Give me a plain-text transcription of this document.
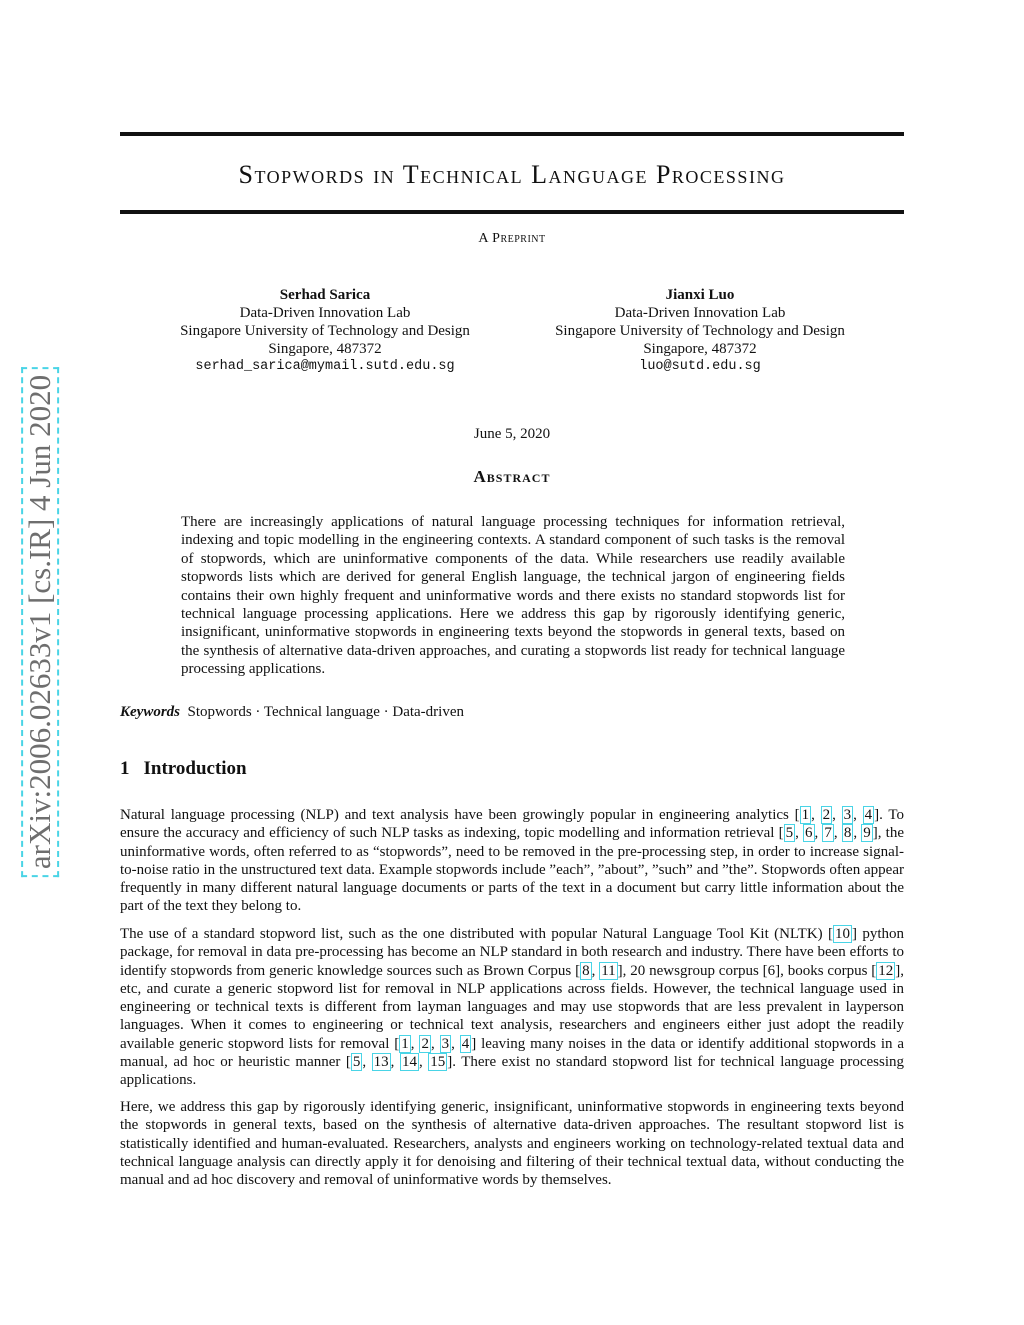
arXiv:2006.02633v1 [cs.IR] 4 Jun 2020
Stopwords in Technical Language Processing
A Preprint
Serhad Sarica
Data-Driven Innovation Lab
Singapore University of Technology and Design
Singapore, 487372
serhad_sarica@mymail.sutd.edu.sg
Jianxi Luo
Data-Driven Innovation Lab
Singapore University of Technology and Design
Singapore, 487372
luo@sutd.edu.sg
June 5, 2020
Abstract

There are increasingly applications of natural language processing techniques for information retrieval, indexing and topic modelling in the engineering contexts. A standard component of such tasks is the removal of stopwords, which are uninformative components of the data. While researchers use readily available stopwords lists which are derived for general English language, the technical jargon of engineering fields contains their own highly frequent and uninformative words and there exists no standard stopwords list for technical language processing applications. Here we address this gap by rigorously identifying generic, insignificant, uninformative stopwords in engineering texts beyond the stopwords in general texts, based on the synthesis of alternative data-driven approaches, and curating a stopwords list ready for technical language processing applications.

Keywords Stopwords · Technical language · Data-driven
1 Introduction

Natural language processing (NLP) and text analysis have been growingly popular in engineering analytics [ 1 , 2 , 3 , 4 ]. To ensure the accuracy and efficiency of such NLP tasks as indexing, topic modelling and information retrieval [ 5 , 6 , 7 , 8 , 9 ], the uninformative words, often referred to as “stopwords”, need to be removed in the pre-processing step, in order to increase signal-to-noise ratio in the unstructured text data. Example stopwords include ”each”, ”about”, ”such” and ”the”. Stopwords often appear frequently in many different natural language documents or parts of the text in a document but carry little information about the part of the text they belong to.

The use of a standard stopword list, such as the one distributed with popular Natural Language Tool Kit (NLTK) [ 10 ] python package, for removal in data pre-processing has become an NLP standard in both research and industry. There have been efforts to identify stopwords from generic knowledge sources such as Brown Corpus [ 8 , 11 ], 20 newsgroup corpus [6], books corpus [ 12 ], etc, and curate a generic stopword list for removal in NLP applications across fields. However, the technical language used in engineering or technical texts is different from layman languages and may use stopwords that are less prevalent in layperson languages. When it comes to engineering or technical text analysis, researchers and engineers either just adopt the readily available generic stopword lists for removal [ 1 , 2 , 3 , 4 ] leaving many noises in the data or identify additional stopwords in a manual, ad hoc or heuristic manner [ 5 , 13 , 14 , 15 ]. There exist no standard stopword list for technical language processing applications.

Here, we address this gap by rigorously identifying generic, insignificant, uninformative stopwords in engineering texts beyond the stopwords in general texts, based on the synthesis of alternative data-driven approaches. The resultant stopword list is statistically identified and human-evaluated. Researchers, analysts and engineers working on technology-related textual data and technical language analysis can directly apply it for denoising and filtering of their technical textual data, without conducting the manual and ad hoc discovery and removal of uninformative words by themselves.
